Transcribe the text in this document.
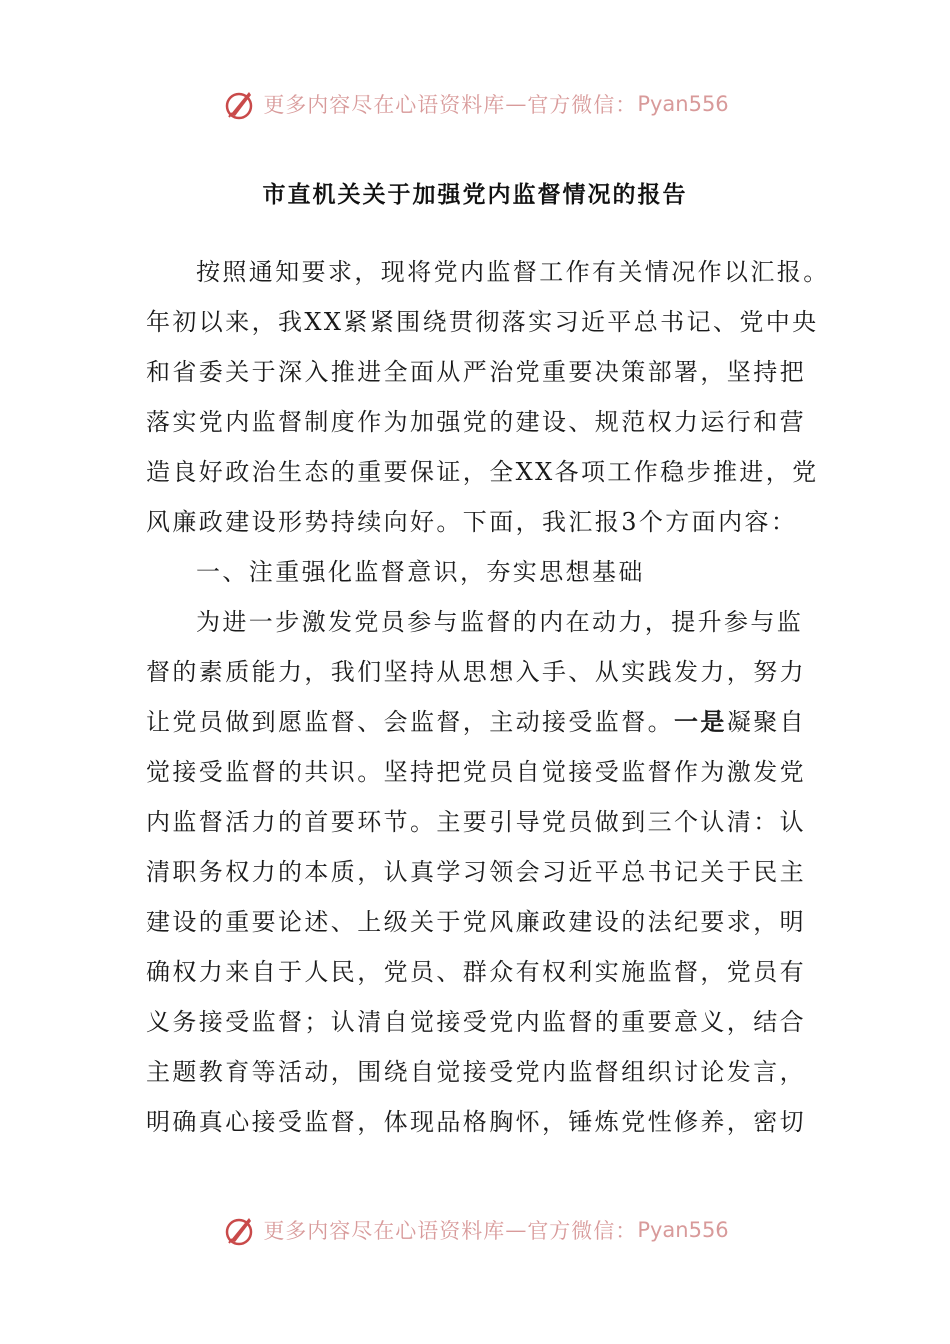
更多内容尽在心语资料库 — 官方微信： Pyan556
市直机关关于加强党内监督情况的报告
按照通知要求，现将党内监督工作有关情况作以汇报。
年初以来，我XX紧紧围绕贯彻落实习近平总书记、党中央
和省委关于深入推进全面从严治党重要决策部署，坚持把
落实党内监督制度作为加强党的建设、规范权力运行和营
造良好政治生态的重要保证，全XX各项工作稳步推进，党
风廉政建设形势持续向好。下面，我汇报3个方面内容：
一、注重强化监督意识，夯实思想基础
为进一步激发党员参与监督的内在动力，提升参与监
督的素质能力，我们坚持从思想入手、从实践发力，努力
让党员做到愿监督、会监督，主动接受监督。一是凝聚自
觉接受监督的共识。坚持把党员自觉接受监督作为激发党
内监督活力的首要环节。主要引导党员做到三个认清：认
清职务权力的本质，认真学习领会习近平总书记关于民主
建设的重要论述、上级关于党风廉政建设的法纪要求，明
确权力来自于人民，党员、群众有权利实施监督，党员有
义务接受监督；认清自觉接受党内监督的重要意义，结合
主题教育等活动，围绕自觉接受党内监督组织讨论发言，
明确真心接受监督，体现品格胸怀，锤炼党性修养，密切
更多内容尽在心语资料库 — 官方微信： Pyan556
